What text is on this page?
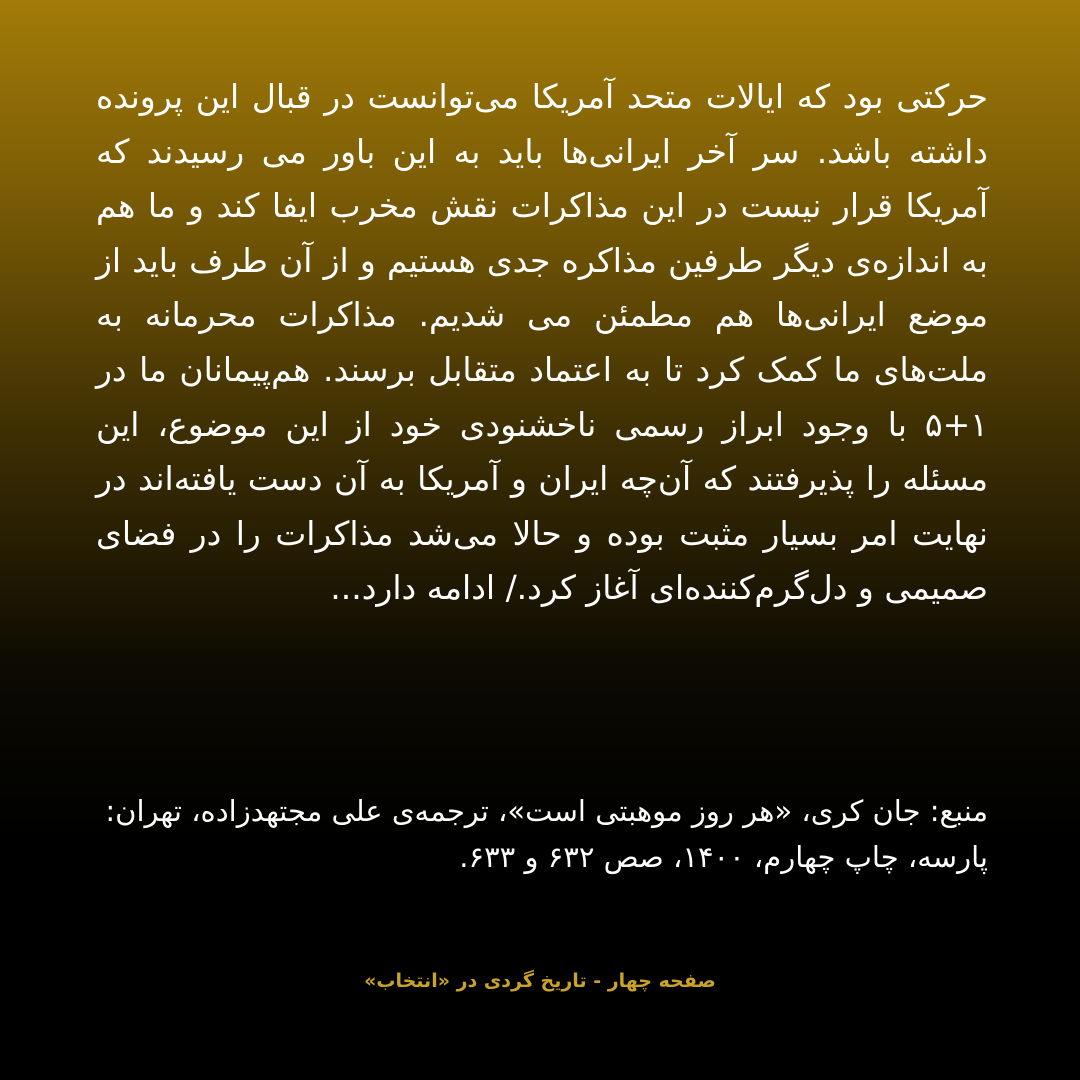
حرکتی بود که ایالات متحد آمریکا می‌توانست در قبال این پرونده داشته باشد. سر آخر ایرانی‌ها باید به این باور می رسیدند که آمریکا قرار نیست در این مذاکرات نقش مخرب ایفا کند و ما هم به اندازه‌ی دیگر طرفین مذاکره جدی هستیم و از آن طرف باید از موضع ایرانی‌ها هم مطمئن می شدیم. مذاکرات محرمانه به ملت‌های ما کمک کرد تا به اعتماد متقابل برسند. هم‌پیمانان ما در ۱+۵ با وجود ابراز رسمی ناخشنودی خود از این موضوع، این مسئله را پذیرفتند که آن‌چه ایران و آمریکا به آن دست یافته‌اند در نهایت امر بسیار مثبت بوده و حالا می‌شد مذاکرات را در فضای صمیمی و دل‌گرم‌کننده‌ای آغاز کرد./ ادامه دارد...

منبع: جان کری، «هر روز موهبتی است»، ترجمه‌ی علی مجتهدزاده، تهران: پارسه، چاپ چهارم، ۱۴۰۰، صص ۶۳۲ و ۶۳۳.

صفحه چهار - تاریخ گردی در «انتخاب»
